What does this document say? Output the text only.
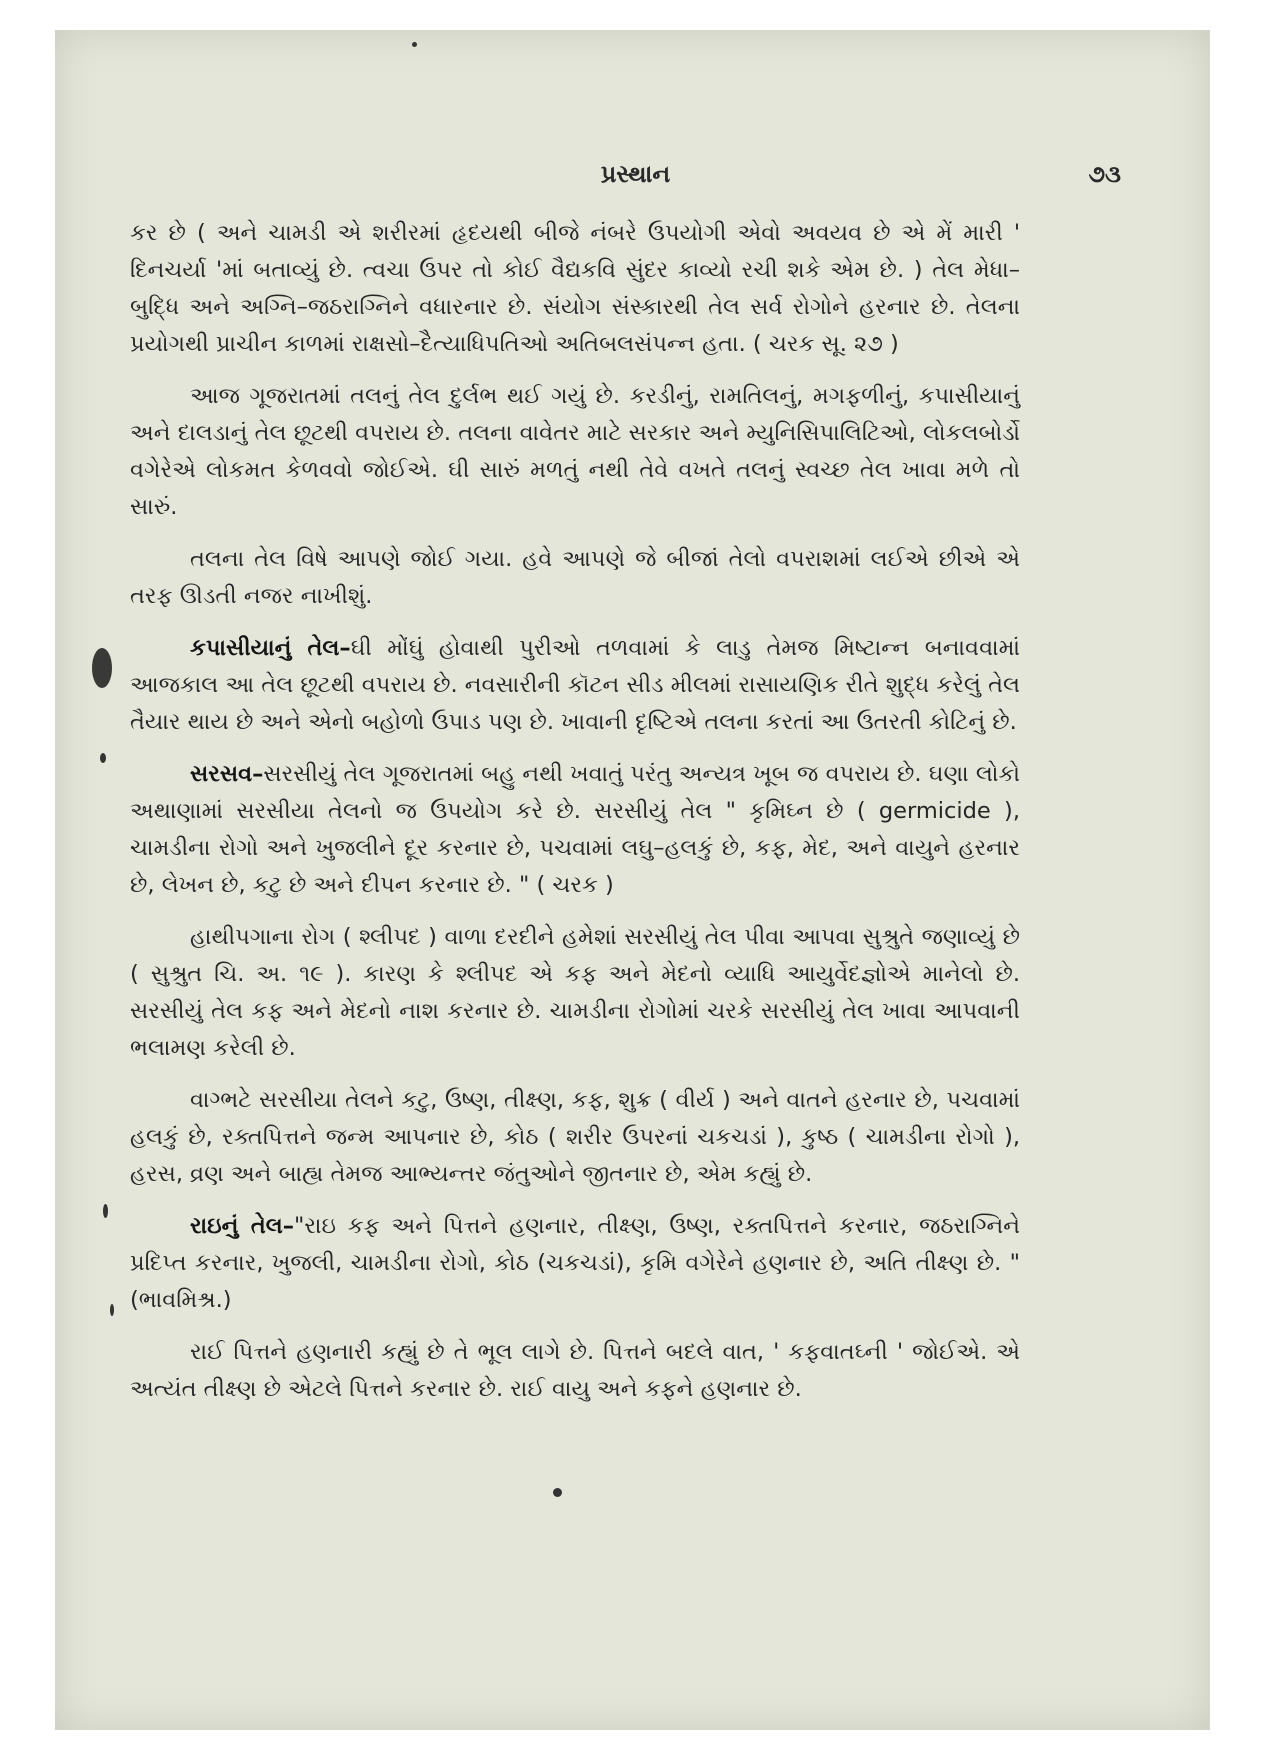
પ્રસ્થાન	૭૩

કર છે ( અને ચામડી એ શરીરમાં હૃદયથી બીજે નંબરે ઉપયોગી એવો અવયવ છે એ મેં મારી ' દિનચર્યા 'માં બતાવ્યું છે. ત્વચા ઉપર તો કોઈ વૈદ્યકવિ સુંદર કાવ્યો રચી શકે એમ છે. ) તેલ મેધા–બુદ્ધિ અને અગ્નિ–જઠરાગ્નિને વધારનાર છે. સંયોગ સંસ્કારથી તેલ સર્વ રોગોને હરનાર છે. તેલના પ્રયોગથી પ્રાચીન કાળમાં રાક્ષસો–દૈત્યાધિપતિઓ અતિબલસંપન્ન હતા. ( ચરક સૂ. ૨૭ )

આજ ગૂજરાતમાં તલનું તેલ દુર્લભ થઈ ગયું છે. કરડીનું, રામતિલનું, મગફળીનું, કપાસીયાનું અને દાલડાનું તેલ છૂટથી વપરાય છે. તલના વાવેતર માટે સરકાર અને મ્યુનિસિપાલિટિઓ, લોકલબોર્ડો વગેરેએ લોકમત કેળવવો જોઈએ. ઘી સારું મળતું નથી તેવે વખતે તલનું સ્વચ્છ તેલ ખાવા મળે તો સારું.

તલના તેલ વિષે આપણે જોઈ ગયા. હવે આપણે જે બીજાં તેલો વપરાશમાં લઈએ છીએ એ તરફ ઊડતી નજર નાખીશું.

કપાસીયાનું તેલ–ઘી મોંઘું હોવાથી પુરીઓ તળવામાં કે લાડુ તેમજ મિષ્ટાન્ન બનાવવામાં આજકાલ આ તેલ છૂટથી વપરાય છે. નવસારીની કૉટન સીડ મીલમાં રાસાયણિક રીતે શુદ્ધ કરેલું તેલ તૈયાર થાય છે અને એનો બહોળો ઉપાડ પણ છે. ખાવાની દૃષ્ટિએ તલના કરતાં આ ઉતરતી કોટિનું છે.

સરસવ–સરસીયું તેલ ગૂજરાતમાં બહુ નથી ખવાતું પરંતુ અન્યત્ર ખૂબ જ વપરાય છે. ઘણા લોકો અથાણામાં સરસીયા તેલનો જ ઉપયોગ કરે છે. સરસીયું તેલ " કૃમિઘ્ન છે ( germicide ), ચામડીના રોગો અને ખુજલીને દૂર કરનાર છે, પચવામાં લઘુ–હલકું છે, કફ, મેદ, અને વાયુને હરનાર છે, લેખન છે, કટુ છે અને દીપન કરનાર છે. " ( ચરક )

હાથીપગાના રોગ ( શ્લીપદ ) વાળા દરદીને હમેશાં સરસીયું તેલ પીવા આપવા સુશ્રુતે જણાવ્યું છે ( સુશ્રુત ચિ. અ. ૧૯ ). કારણ કે શ્લીપદ એ કફ અને મેદનો વ્યાધિ આયુર્વેદજ્ઞોએ માનેલો છે. સરસીયું તેલ કફ અને મેદનો નાશ કરનાર છે. ચામડીના રોગોમાં ચરકે સરસીયું તેલ ખાવા આપવાની ભલામણ કરેલી છે.

વાગ્ભટે સરસીયા તેલને કટુ, ઉષ્ણ, તીક્ષ્ણ, કફ, શુક્ર ( વીર્ય ) અને વાતને હરનાર છે, પચવામાં હલકું છે, રક્તપિત્તને જન્મ આપનાર છે, કોઠ ( શરીર ઉપરનાં ચકચડાં ), કુષ્ઠ ( ચામડીના રોગો ), હરસ, વ્રણ અને બાહ્ય તેમજ આભ્યન્તર જંતુઓને જીતનાર છે, એમ કહ્યું છે.

રાઇનું તેલ–"રાઇ કફ અને પિત્તને હણનાર, તીક્ષ્ણ, ઉષ્ણ, રક્તપિત્તને કરનાર, જઠરાગ્નિને પ્રદિપ્ત કરનાર, ખુજલી, ચામડીના રોગો, કોઠ (ચકચડાં), કૃમિ વગેરેને હણનાર છે, અતિ તીક્ષ્ણ છે. " (ભાવમિશ્ર.)

રાઈ પિત્તને હણનારી કહ્યું છે તે ભૂલ લાગે છે. પિત્તને બદલે વાત, ' કફવાતઘ્ની ' જોઈએ. એ અત્યંત તીક્ષ્ણ છે એટલે પિત્તને કરનાર છે. રાઈ વાયુ અને કફને હણનાર છે.
